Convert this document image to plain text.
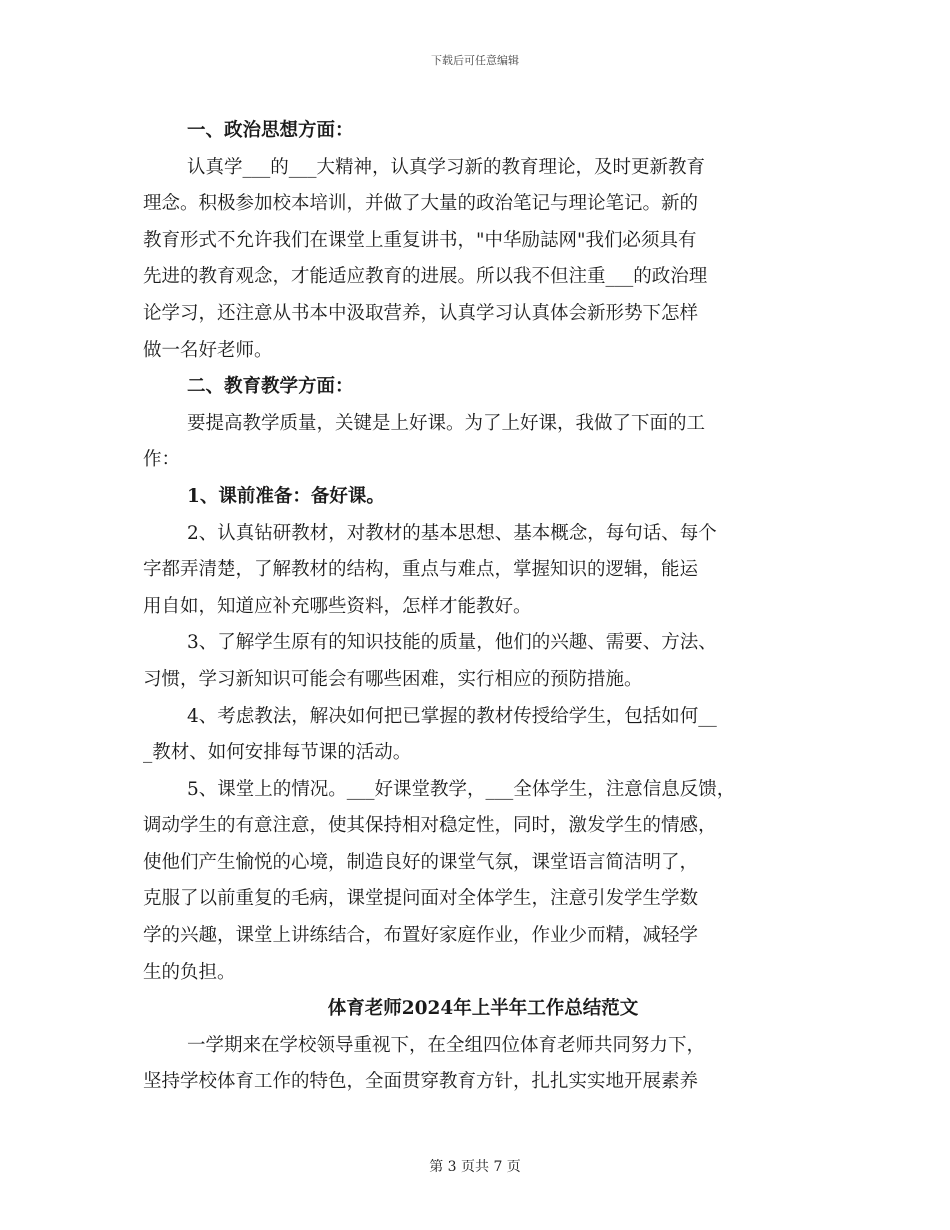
下载后可任意编辑

一、政治思想方面：

认真学___的___大精神，认真学习新的教育理论，及时更新教育

理念。积极参加校本培训，并做了大量的政治笔记与理论笔记。新的

教育形式不允许我们在课堂上重复讲书，"中华励誌网"我们必须具有

先进的教育观念，才能适应教育的进展。所以我不但注重___的政治理

论学习，还注意从书本中汲取营养，认真学习认真体会新形势下怎样

做一名好老师。

二、教育教学方面：

要提高教学质量，关键是上好课。为了上好课，我做了下面的工

作：

1、课前准备：备好课。

2、认真钻研教材，对教材的基本思想、基本概念，每句话、每个

字都弄清楚，了解教材的结构，重点与难点，掌握知识的逻辑，能运

用自如，知道应补充哪些资料，怎样才能教好。

3、了解学生原有的知识技能的质量，他们的兴趣、需要、方法、

习惯，学习新知识可能会有哪些困难，实行相应的预防措施。

4、考虑教法，解决如何把已掌握的教材传授给学生，包括如何__

_教材、如何安排每节课的活动。

5、课堂上的情况。___好课堂教学，___全体学生，注意信息反馈，

调动学生的有意注意，使其保持相对稳定性，同时，激发学生的情感，

使他们产生愉悦的心境，制造良好的课堂气氛，课堂语言简洁明了，

克服了以前重复的毛病，课堂提问面对全体学生，注意引发学生学数

学的兴趣，课堂上讲练结合，布置好家庭作业，作业少而精，减轻学

生的负担。

体育老师2024年上半年工作总结范文

一学期来在学校领导重视下，在全组四位体育老师共同努力下，

坚持学校体育工作的特色，全面贯穿教育方针，扎扎实实地开展素养

第 3 页共 7 页
